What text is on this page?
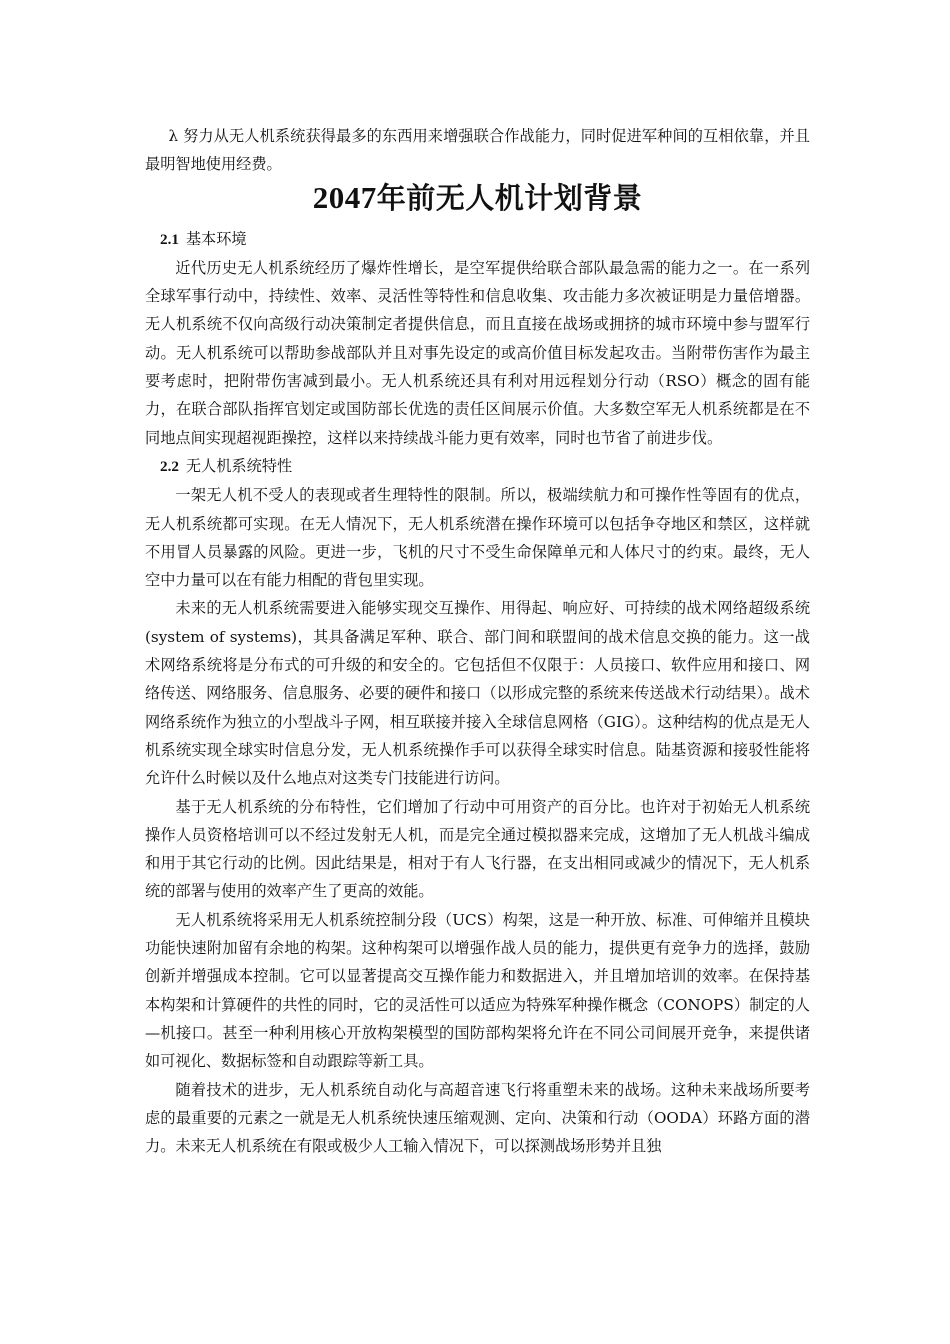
λ 努力从无人机系统获得最多的东西用来增强联合作战能力，同时促进军种间的互相依靠，并且最明智地使用经费。

2047年前无人机计划背景
2.1 基本环境

近代历史无人机系统经历了爆炸性增长，是空军提供给联合部队最急需的能力之一。在一系列全球军事行动中，持续性、效率、灵活性等特性和信息收集、攻击能力多次被证明是力量倍增器。无人机系统不仅向高级行动决策制定者提供信息，而且直接在战场或拥挤的城市环境中参与盟军行动。无人机系统可以帮助参战部队并且对事先设定的或高价值目标发起攻击。当附带伤害作为最主要考虑时，把附带伤害减到最小。无人机系统还具有利对用远程划分行动（RSO）概念的固有能力，在联合部队指挥官划定或国防部长优选的责任区间展示价值。大多数空军无人机系统都是在不同地点间实现超视距操控，这样以来持续战斗能力更有效率，同时也节省了前进步伐。

2.2 无人机系统特性

一架无人机不受人的表现或者生理特性的限制。所以，极端续航力和可操作性等固有的优点，无人机系统都可实现。在无人情况下，无人机系统潜在操作环境可以包括争夺地区和禁区，这样就不用冒人员暴露的风险。更进一步，飞机的尺寸不受生命保障单元和人体尺寸的约束。最终，无人空中力量可以在有能力相配的背包里实现。

未来的无人机系统需要进入能够实现交互操作、用得起、响应好、可持续的战术网络超级系统(system of systems)，其具备满足军种、联合、部门间和联盟间的战术信息交换的能力。这一战术网络系统将是分布式的可升级的和安全的。它包括但不仅限于：人员接口、软件应用和接口、网络传送、网络服务、信息服务、必要的硬件和接口（以形成完整的系统来传送战术行动结果）。战术网络系统作为独立的小型战斗子网，相互联接并接入全球信息网格（GIG）。这种结构的优点是无人机系统实现全球实时信息分发，无人机系统操作手可以获得全球实时信息。陆基资源和接驳性能将允许什么时候以及什么地点对这类专门技能进行访问。

基于无人机系统的分布特性，它们增加了行动中可用资产的百分比。也许对于初始无人机系统操作人员资格培训可以不经过发射无人机，而是完全通过模拟器来完成，这增加了无人机战斗编成和用于其它行动的比例。因此结果是，相对于有人飞行器，在支出相同或减少的情况下，无人机系统的部署与使用的效率产生了更高的效能。

无人机系统将采用无人机系统控制分段（UCS）构架，这是一种开放、标准、可伸缩并且模块功能快速附加留有余地的构架。这种构架可以增强作战人员的能力，提供更有竞争力的选择，鼓励创新并增强成本控制。它可以显著提高交互操作能力和数据进入，并且增加培训的效率。在保持基本构架和计算硬件的共性的同时，它的灵活性可以适应为特殊军种操作概念（CONOPS）制定的人—机接口。甚至一种利用核心开放构架模型的国防部构架将允许在不同公司间展开竞争，来提供诸如可视化、数据标签和自动跟踪等新工具。

随着技术的进步，无人机系统自动化与高超音速飞行将重塑未来的战场。这种未来战场所要考虑的最重要的元素之一就是无人机系统快速压缩观测、定向、决策和行动（OODA）环路方面的潜力。未来无人机系统在有限或极少人工输入情况下，可以探测战场形势并且独
